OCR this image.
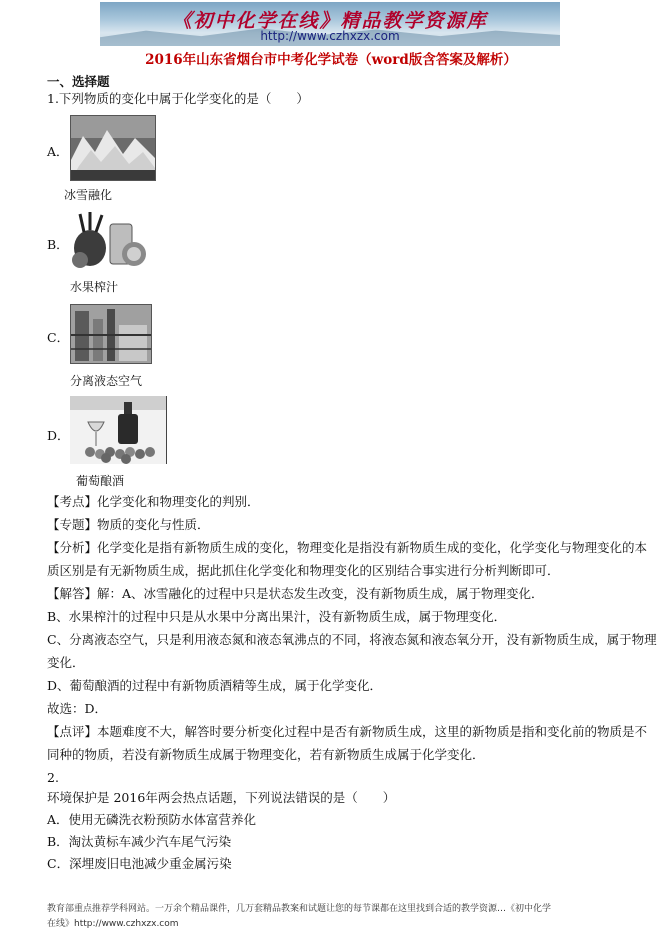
《初中化学在线》精品教学资源库
http://www.czhxzx.com
2016年山东省烟台市中考化学试卷（word版含答案及解析）
一、选择题
1.下列物质的变化中属于化学变化的是（　　）
A．
冰雪融化
B．
水果榨汁
C．
分离液态空气
D．
葡萄酿酒
【考点】化学变化和物理变化的判别．
【专题】物质的变化与性质．
【分析】化学变化是指有新物质生成的变化，物理变化是指没有新物质生成的变化，化学变化与物理变化的本
质区别是有无新物质生成，据此抓住化学变化和物理变化的区别结合事实进行分析判断即可．
【解答】解：A、冰雪融化的过程中只是状态发生改变，没有新物质生成，属于物理变化．
B、水果榨汁的过程中只是从水果中分离出果汁，没有新物质生成，属于物理变化．
C、分离液态空气，只是利用液态氮和液态氧沸点的不同，将液态氮和液态氧分开，没有新物质生成，属于物理
变化．
D、葡萄酿酒的过程中有新物质酒精等生成，属于化学变化．
故选：D．
【点评】本题难度不大，解答时要分析变化过程中是否有新物质生成，这里的新物质是指和变化前的物质是不
同种的物质，若没有新物质生成属于物理变化，若有新物质生成属于化学变化．
2.
环境保护是 2016年两会热点话题，下列说法错误的是（　　）
A．使用无磷洗衣粉预防水体富营养化
B．淘汰黄标车减少汽车尾气污染
C．深埋废旧电池减少重金属污染
教育部重点推荐学科网站。一万余个精品课件，几万套精品教案和试题让您的每节课都在这里找到合适的教学资源…《初中化学
在线》http://www.czhxzx.com
